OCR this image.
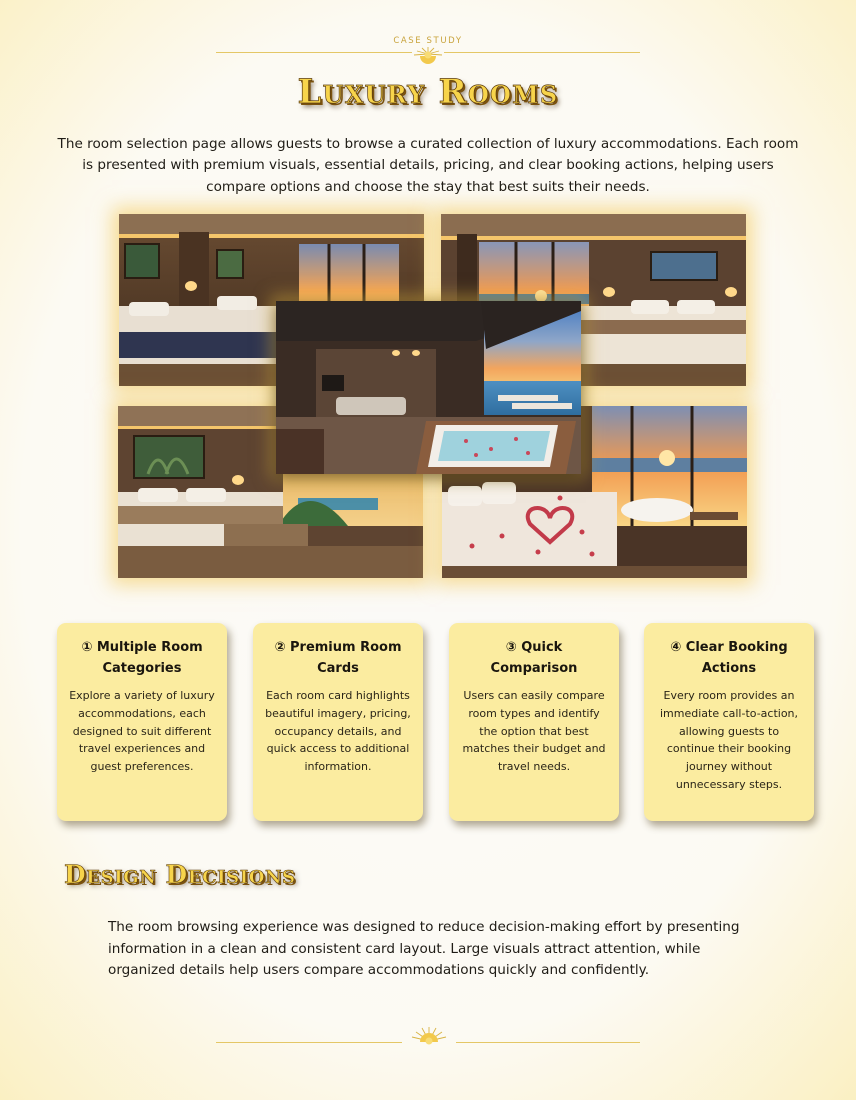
CASE STUDY
Luxury Rooms

The room selection page allows guests to browse a curated collection of luxury accommodations. Each room is presented with premium visuals, essential details, pricing, and clear booking actions, helping users compare options and choose the stay that best suits their needs.

① Multiple Room Categories

Explore a variety of luxury accommodations, each designed to suit different travel experiences and guest preferences.

② Premium Room Cards

Each room card highlights beautiful imagery, pricing, occupancy details, and quick access to additional information.

③ Quick Comparison

Users can easily compare room types and identify the option that best matches their budget and travel needs.

④ Clear Booking Actions

Every room provides an immediate call-to-action, allowing guests to continue their booking journey without unnecessary steps.

Design Decisions

The room browsing experience was designed to reduce decision-making effort by presenting information in a clean and consistent card layout. Large visuals attract attention, while organized details help users compare accommodations quickly and confidently.
